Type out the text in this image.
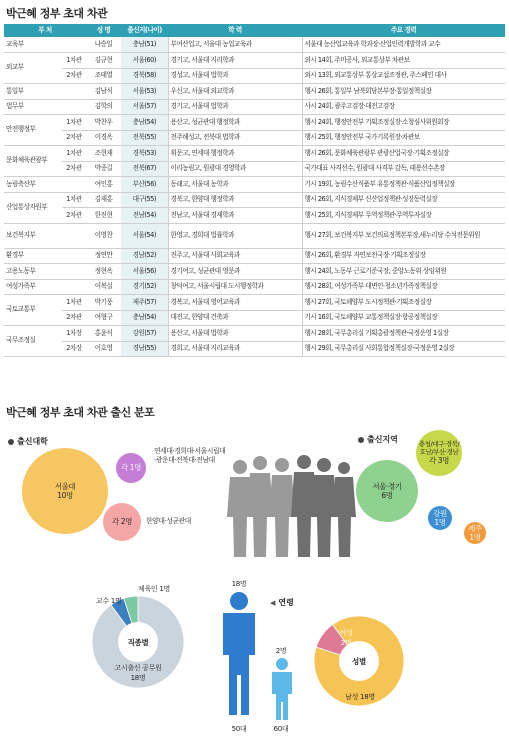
박근혜 정부 초대 차관
부 처		성 명	출신지(나이)	학 력	주요 경력
교육부		나승일	충남(51)	부여산업고, 서울대 농업교육과	서울대 농산업교육과 학과장·산업인력개발학과 교수
외교부	1차관	김규현	서울(60)	경기고, 서울대 지리학과	외시 14회, 주미공사, 외교통상부 차관보
	2차관	조태열	경북(58)	경성고, 서울대 법학과	외시 13회, 외교통상부 통상교섭조정관, 주스페인 대사
통일부		김남식	서울(53)	우신고, 서울대 외교학과	행시 26회, 통일부 남북회담본부장·통일정책실장
법무부		김학의	서울(57)	경기고, 서울대 법학과	사시 24회, 광주고검장·대전고검장
안전행정부	1차관	박찬우	충남(54)	용산고, 성균관대 행정학과	행시 24회, 행정안전부 기획조정실장·소청심사위원회장
	2차관	이경옥	전북(55)	전주해성고, 전북대 법학과	행시 25회, 행정안전부 국가기록원장·차관보
문화체육관광부	1차관	조현재	경북(53)	휘문고, 연세대 행정학과	행시 26회, 문화체육관광부 관광산업국장·기획조정실장
	2차관	박종길	전북(67)	이리농림고, 원광대 경영학과	국가대표 사격선수, 원광대 사격부 감독, 태릉선수촌장
농림축산부		여인홍	부산(56)	동래고, 서울대 농학과	기시 19회, 농림수산식품부 유통정책관·식품산업정책실장
산업통상자원부	1차관	김재홍	대구(55)	경북고, 한양대 행정학과	행시 26회, 지식경제부 신산업정책관·성장동력실장
	2차관	한진현	전남(54)	전남고, 서울대 경제학과	행시 25회, 지식경제부 무역정책관·무역투자실장
보건복지부		이영찬	서울(54)	한영고, 경희대 법률학과	행시 27회, 보건복지부 보건의료정책본부장,새누리당 수석전문위원
환경부		정연만	경남(52)	진주고, 서울대 사회교육과	행시 26회, 환경부 자연보전국장·기획조정실장
고용노동부		정현옥	서울(56)	경기여고, 성균관대 영문과	행시 24회, 노동부 근로기준국장, 중앙노동위 상임위원
여성가족부		이복실	경기(52)	창덕여고, 서울시립대 도시행정학과	행시 28회, 여성가족부 대변인·청소년가족정책실장
국토교통부	1차관	박기풍	제주(57)	경복고, 서울대 영어교육과	행시 27회, 국토해양부 도시정책관·기획조정실장
	2차관	여형구	충남(54)	대전고, 한양대 건축과	기시 16회, 국토해양부 교통정책실장·항공정책실장
국무조정실	1차장	홍윤식	강원(57)	용산고, 서울대 법학과	행시 28회, 국무총리실 기획총괄정책관·국정운영 1실장
	2차장	이호영	경남(55)	경희고, 서울대 지리교육과	행시 29회, 국무총리실 사회통합정책실장·국정운영 2실장
박근혜 정부 초대 차관 출신 분포
출신대학
서울대
10명
각 1명
연세대·경희대·서울시립대·광운대·전북대·전남대
각 2명 한양대·성균관대
출신지역
충청/대구·경북/호남/부산·경남
각 3명
서울·경기
6명
강원
1명
제주
1명
직종별
고시출신 공무원
18명
교수 1명
체육인 1명
18명
50대
2명
60대
◀ 연령
성별
남성 18명
여성
2명
